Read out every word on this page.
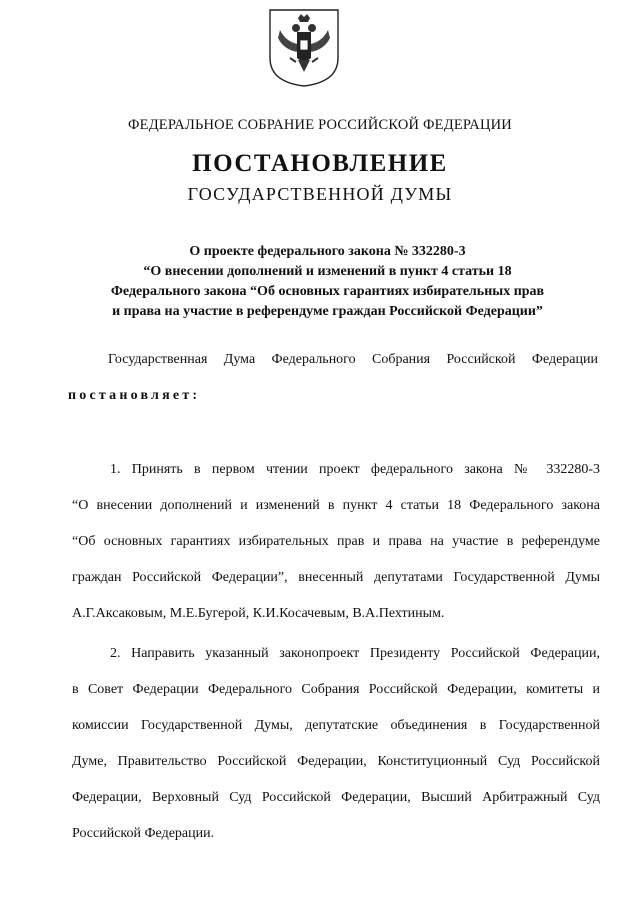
ФЕДЕРАЛЬНОЕ СОБРАНИЕ РОССИЙСКОЙ ФЕДЕРАЦИИ
ПОСТАНОВЛЕНИЕ
ГОСУДАРСТВЕННОЙ ДУМЫ
О проекте федерального закона № 332280-3
“О внесении дополнений и изменений в пункт 4 статьи 18
Федерального закона “Об основных гарантиях избирательных прав
и права на участие в референдуме граждан Российской Федерации”
Государственная Дума Федерального Собрания Российской Федерации
постановляет:
1. Принять в первом чтении проект федерального закона № 332280-3
“О внесении дополнений и изменений в пункт 4 статьи 18 Федерального закона
“Об основных гарантиях избирательных прав и права на участие в референдуме
граждан Российской Федерации”, внесенный депутатами Государственной Думы
А.Г.Аксаковым, М.Е.Бугерой, К.И.Косачевым, В.А.Пехтиным.
2. Направить указанный законопроект Президенту Российской Федерации,
в Совет Федерации Федерального Собрания Российской Федерации, комитеты и
комиссии Государственной Думы, депутатские объединения в Государственной
Думе, Правительство Российской Федерации, Конституционный Суд Российской
Федерации, Верховный Суд Российской Федерации, Высший Арбитражный Суд
Российской Федерации.
